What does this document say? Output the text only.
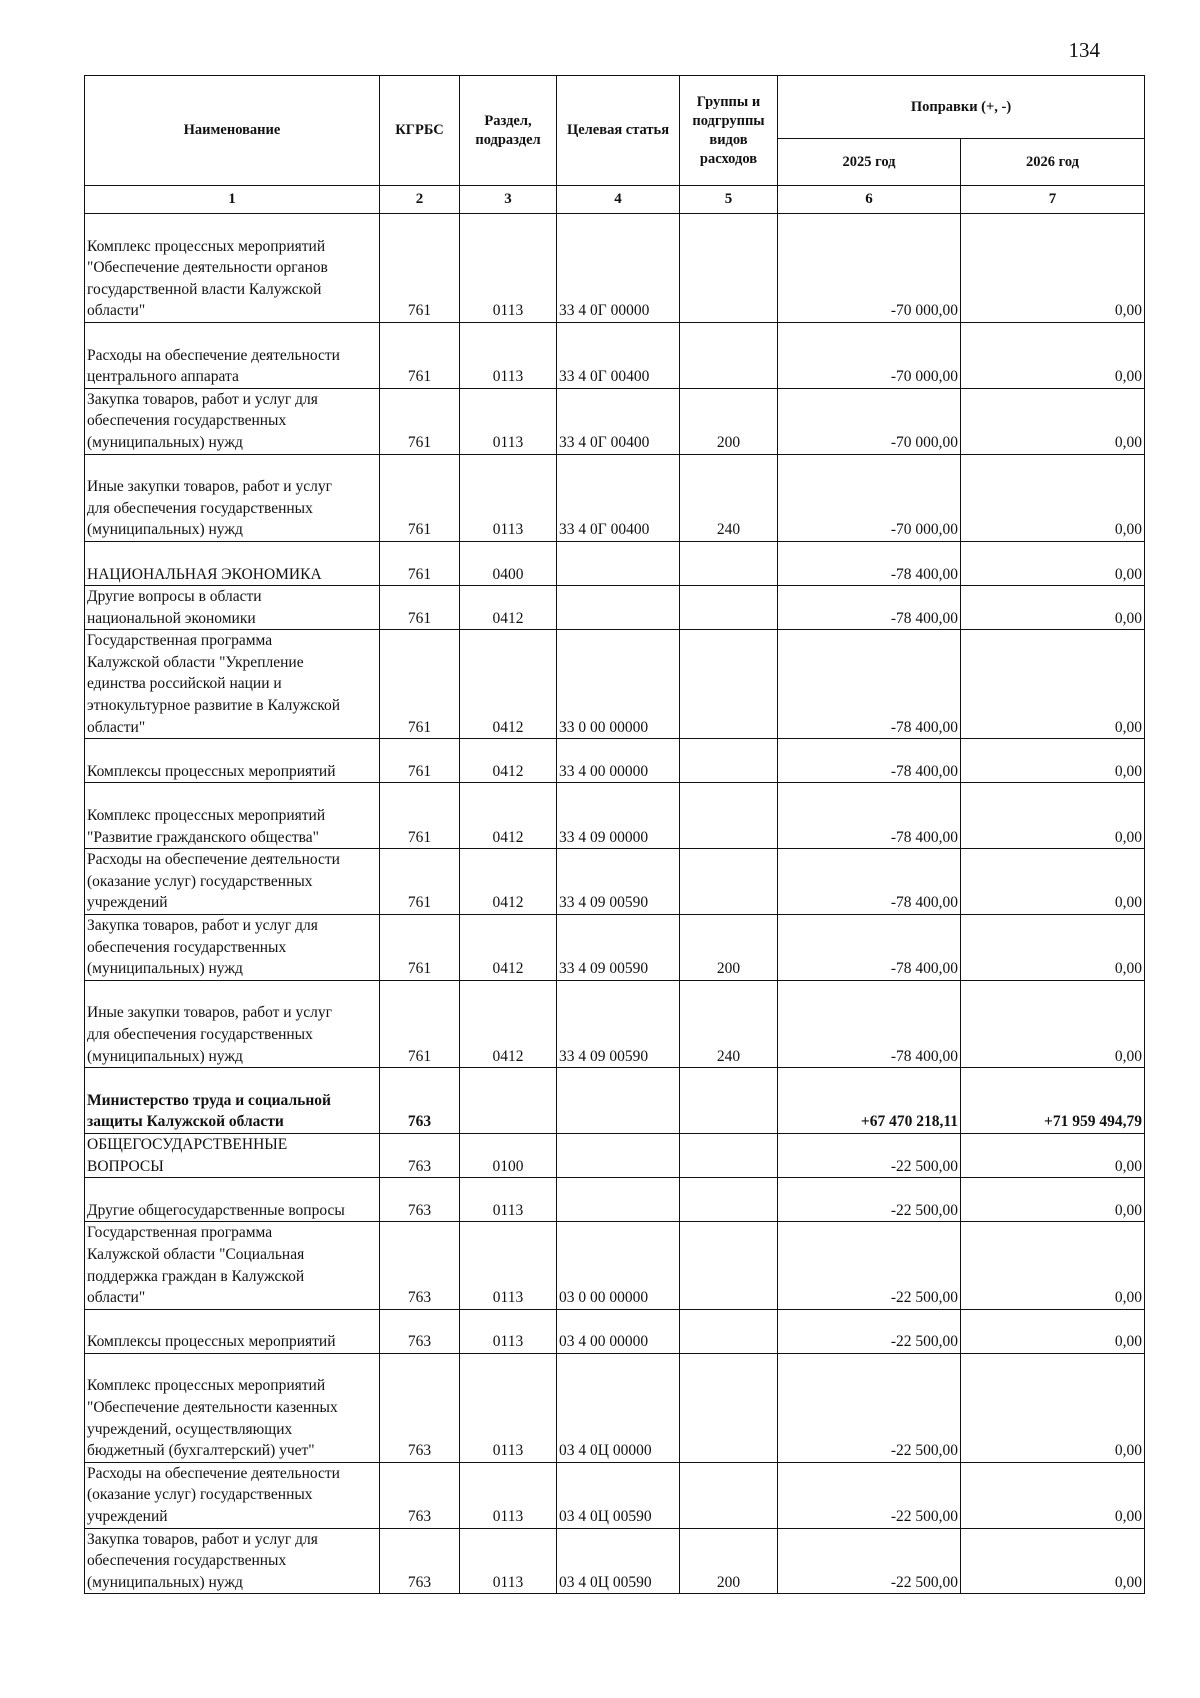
134
Наименование	КГРБС	Раздел, подраздел	Целевая статья	Группы и подгруппы видов расходов	Поправки (+, -)	
					2025 год	2026 год
1	2	3	4	5	6	7

Комплекс процессных мероприятий
"Обеспечение деятельности органов
государственной власти Калужской
области"	761	0113	33 4 0Г 00000		-70 000,00	0,00

Расходы на обеспечение деятельности
центрального аппарата	761	0113	33 4 0Г 00400		-70 000,00	0,00
Закупка товаров, работ и услуг для
обеспечения государственных
(муниципальных) нужд	761	0113	33 4 0Г 00400	200	-70 000,00	0,00

Иные закупки товаров, работ и услуг
для обеспечения государственных
(муниципальных) нужд	761	0113	33 4 0Г 00400	240	-70 000,00	0,00

НАЦИОНАЛЬНАЯ ЭКОНОМИКА	761	0400			-78 400,00	0,00
Другие вопросы в области
национальной экономики	761	0412			-78 400,00	0,00
Государственная программа
Калужской области "Укрепление
единства российской нации и
этнокультурное развитие в Калужской
области"	761	0412	33 0 00 00000		-78 400,00	0,00

Комплексы процессных мероприятий	761	0412	33 4 00 00000		-78 400,00	0,00

Комплекс процессных мероприятий
"Развитие гражданского общества"	761	0412	33 4 09 00000		-78 400,00	0,00
Расходы на обеспечение деятельности
(оказание услуг) государственных
учреждений	761	0412	33 4 09 00590		-78 400,00	0,00
Закупка товаров, работ и услуг для
обеспечения государственных
(муниципальных) нужд	761	0412	33 4 09 00590	200	-78 400,00	0,00

Иные закупки товаров, работ и услуг
для обеспечения государственных
(муниципальных) нужд	761	0412	33 4 09 00590	240	-78 400,00	0,00

Министерство труда и социальной
защиты Калужской области	763				+67 470 218,11	+71 959 494,79
ОБЩЕГОСУДАРСТВЕННЫЕ
ВОПРОСЫ	763	0100			-22 500,00	0,00

Другие общегосударственные вопросы	763	0113			-22 500,00	0,00
Государственная программа
Калужской области "Социальная
поддержка граждан в Калужской
области"	763	0113	03 0 00 00000		-22 500,00	0,00

Комплексы процессных мероприятий	763	0113	03 4 00 00000		-22 500,00	0,00

Комплекс процессных мероприятий
"Обеспечение деятельности казенных
учреждений, осуществляющих
бюджетный (бухгалтерский) учет"	763	0113	03 4 0Ц 00000		-22 500,00	0,00
Расходы на обеспечение деятельности
(оказание услуг) государственных
учреждений	763	0113	03 4 0Ц 00590		-22 500,00	0,00
Закупка товаров, работ и услуг для
обеспечения государственных
(муниципальных) нужд	763	0113	03 4 0Ц 00590	200	-22 500,00	0,00
